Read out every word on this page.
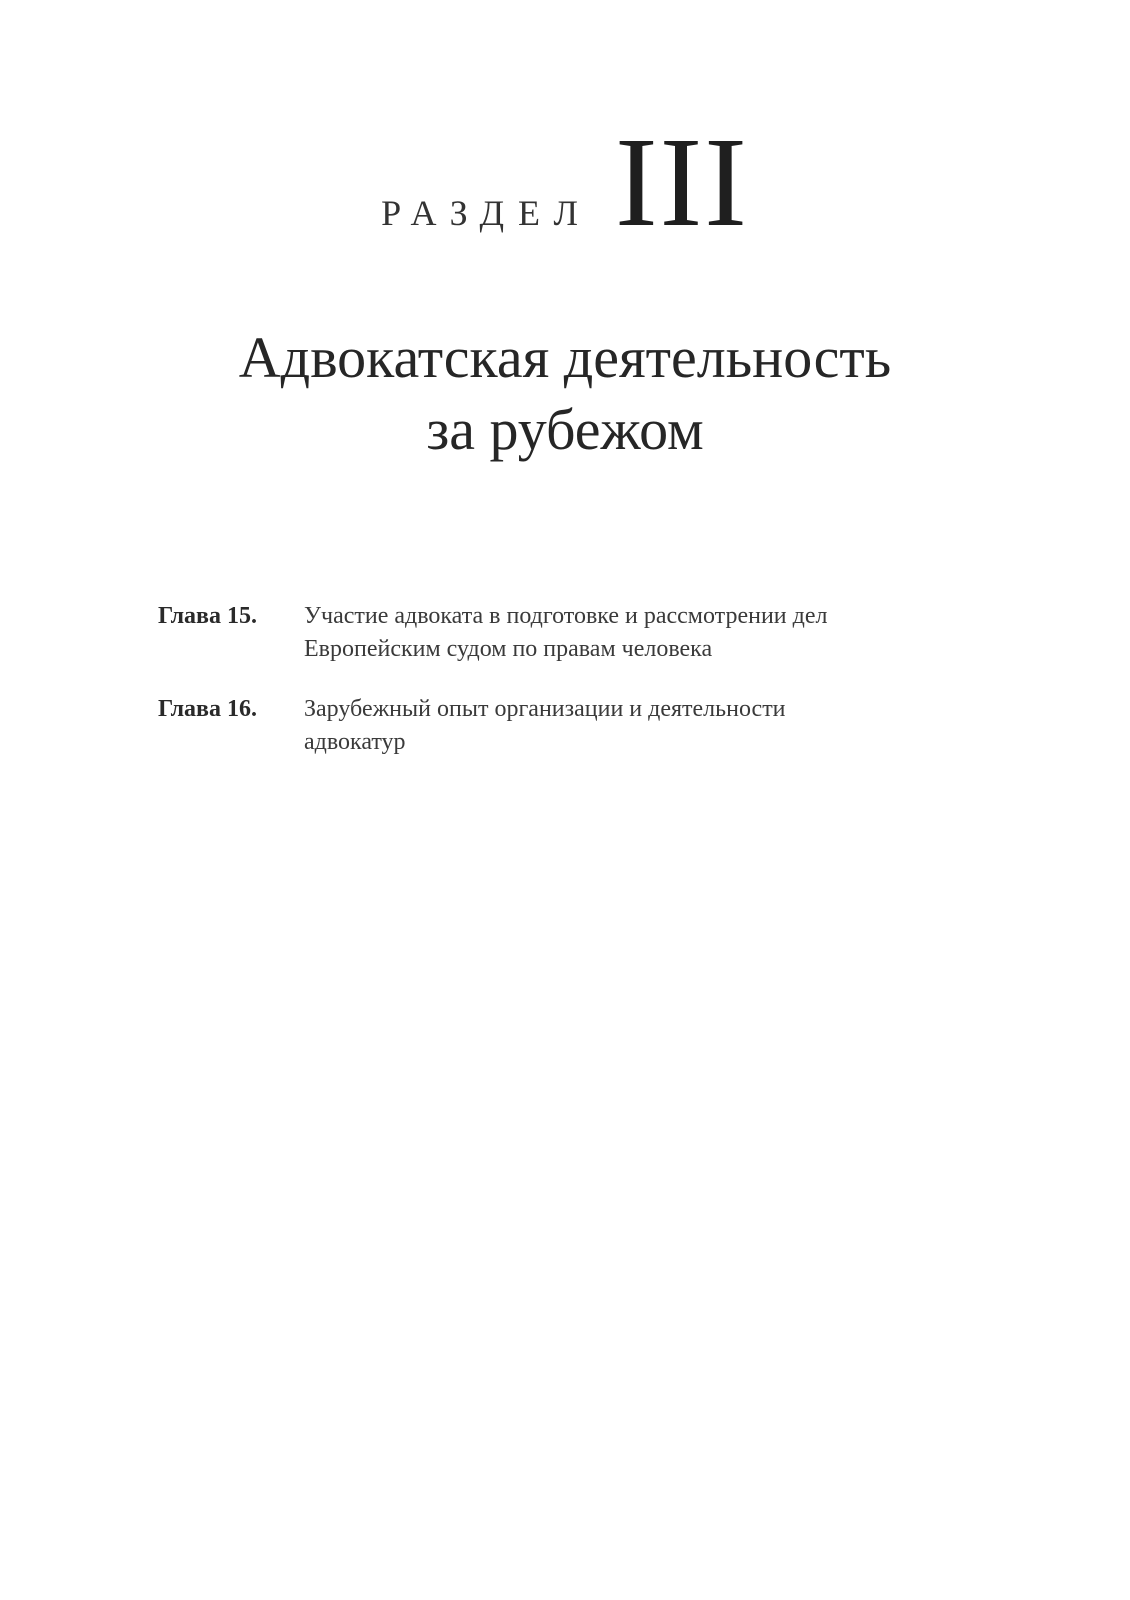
РАЗДЕЛ III
Адвокатская деятельность
за рубежом
Глава 15.	Участие адвоката в подготовке и рассмотрении дел
Европейским судом по правам человека
Глава 16.	Зарубежный опыт организации и деятельности
адвокатур
